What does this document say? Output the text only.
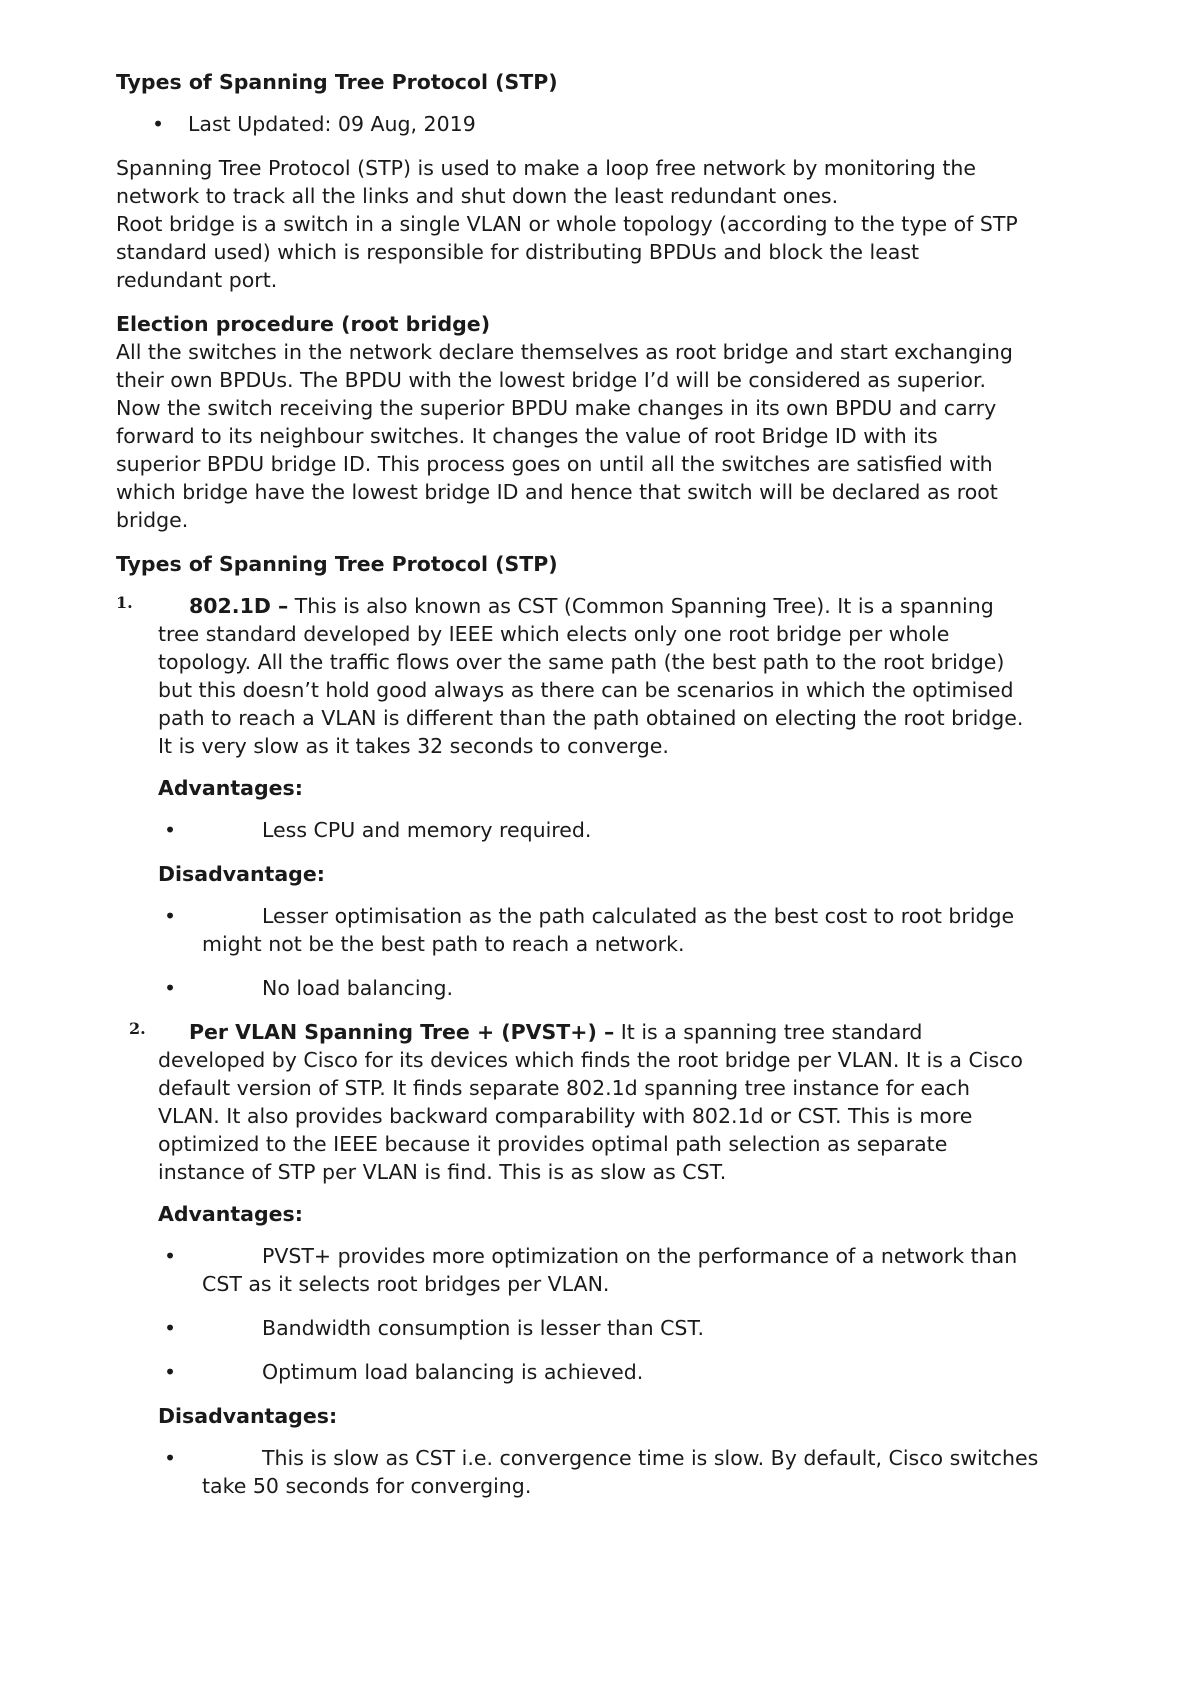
Types of Spanning Tree Protocol (STP)

• Last Updated: 09 Aug, 2019

Spanning Tree Protocol (STP) is used to make a loop free network by monitoring the

network to track all the links and shut down the least redundant ones.

Root bridge is a switch in a single VLAN or whole topology (according to the type of STP

standard used) which is responsible for distributing BPDUs and block the least

redundant port.

Election procedure (root bridge)

All the switches in the network declare themselves as root bridge and start exchanging

their own BPDUs. The BPDU with the lowest bridge I’d will be considered as superior.

Now the switch receiving the superior BPDU make changes in its own BPDU and carry

forward to its neighbour switches. It changes the value of root Bridge ID with its

superior BPDU bridge ID. This process goes on until all the switches are satisfied with

which bridge have the lowest bridge ID and hence that switch will be declared as root

bridge.

Types of Spanning Tree Protocol (STP)

1.	802.1D – This is also known as CST (Common Spanning Tree). It is a spanning

tree standard developed by IEEE which elects only one root bridge per whole

topology. All the traffic flows over the same path (the best path to the root bridge)

but this doesn’t hold good always as there can be scenarios in which the optimised

path to reach a VLAN is different than the path obtained on electing the root bridge.

It is very slow as it takes 32 seconds to converge.

Advantages:

•	Less CPU and memory required.

Disadvantage:

•	Lesser optimisation as the path calculated as the best cost to root bridge
might not be the best path to reach a network.
•	No load balancing.
2.	Per VLAN Spanning Tree + (PVST+) – It is a spanning tree standard

developed by Cisco for its devices which finds the root bridge per VLAN. It is a Cisco

default version of STP. It finds separate 802.1d spanning tree instance for each

VLAN. It also provides backward comparability with 802.1d or CST. This is more

optimized to the IEEE because it provides optimal path selection as separate

instance of STP per VLAN is find. This is as slow as CST.

Advantages:

•	PVST+ provides more optimization on the performance of a network than
CST as it selects root bridges per VLAN.
•	Bandwidth consumption is lesser than CST.
•	Optimum load balancing is achieved.

Disadvantages:

•	This is slow as CST i.e. convergence time is slow. By default, Cisco switches
take 50 seconds for converging.
